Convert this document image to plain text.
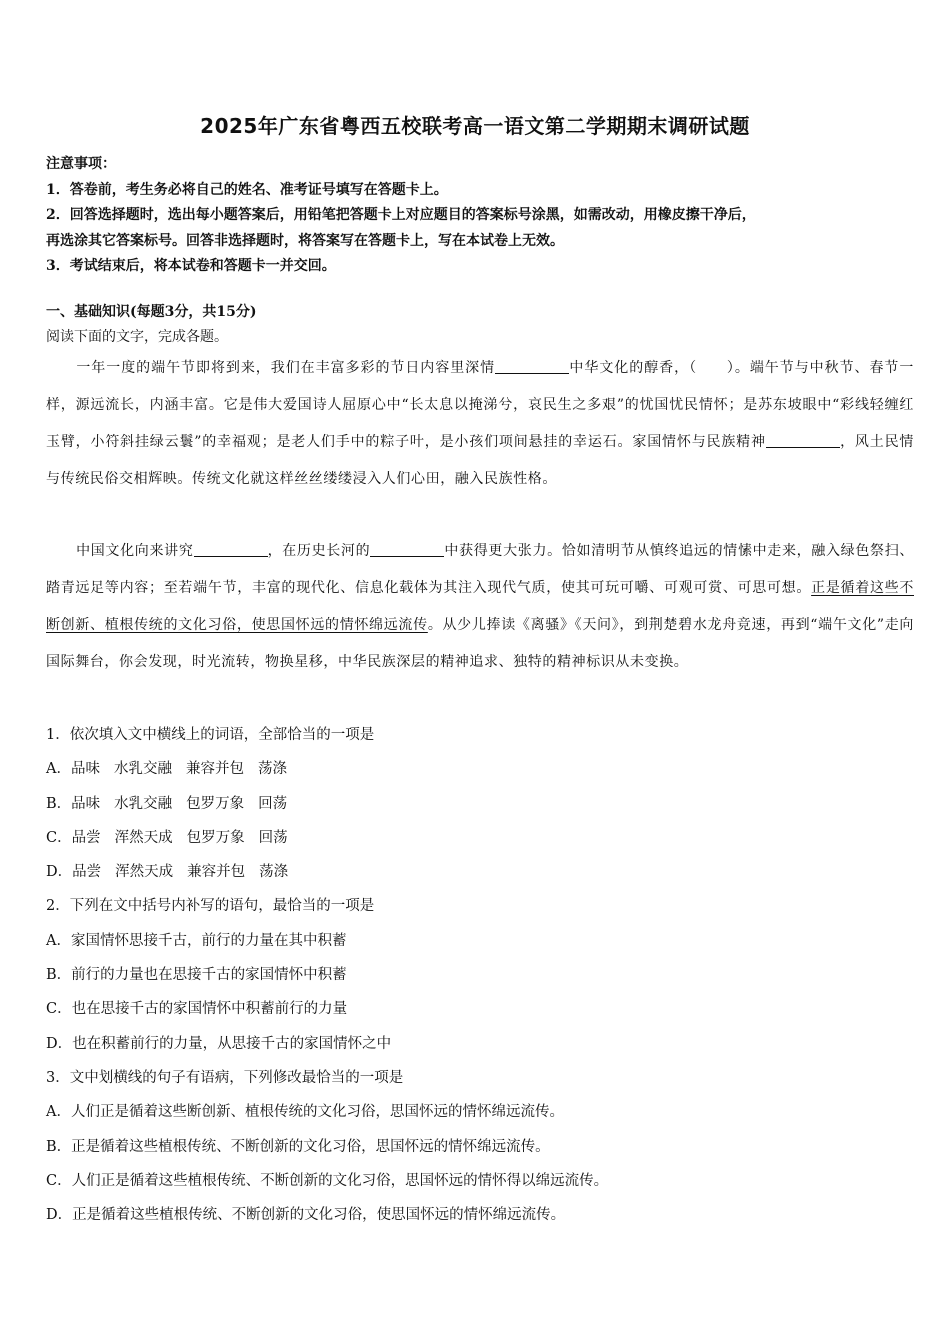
2025年广东省粤西五校联考高一语文第二学期期末调研试题
注意事项：
1．答卷前，考生务必将自己的姓名、准考证号填写在答题卡上。
2．回答选择题时，选出每小题答案后，用铅笔把答题卡上对应题目的答案标号涂黑，如需改动，用橡皮擦干净后，
再选涂其它答案标号。回答非选择题时，将答案写在答题卡上，写在本试卷上无效。
3．考试结束后，将本试卷和答题卡一并交回。
一、基础知识(每题3分，共15分)
阅读下面的文字，完成各题。
一年一度的端午节即将到来，我们在丰富多彩的节日内容里深情	中华文化的醇香，（　　）。端午节与中秋节、春节一样，源远流长，内涵丰富。它是伟大爱国诗人屈原心中“长太息以掩涕兮，哀民生之多艰”的忧国忧民情怀；是苏东坡眼中“彩线轻缠红玉臂，小符斜挂绿云鬟”的幸福观；是老人们手中的粽子叶，是小孩们项间悬挂的幸运石。家国情怀与民族精神	，风土民情与传统民俗交相辉映。传统文化就这样丝丝缕缕浸入人们心田，融入民族性格。
中国文化向来讲究	，在历史长河的	中获得更大张力。恰如清明节从慎终追远的情愫中走来，融入绿色祭扫、踏青远足等内容；至若端午节，丰富的现代化、信息化载体为其注入现代气质，使其可玩可嚼、可观可赏、可思可想。正是循着这些不断创新、植根传统的文化习俗，使思国怀远的情怀绵远流传。从少儿捧读《离骚》《天问》，到荆楚碧水龙舟竞速，再到“端午文化”走向国际舞台，你会发现，时光流转，物换星移，中华民族深层的精神追求、独特的精神标识从未变换。
1．依次填入文中横线上的词语，全部恰当的一项是
A．品味 水乳交融 兼容并包 荡涤
B．品味 水乳交融 包罗万象 回荡
C．品尝 浑然天成 包罗万象 回荡
D．品尝 浑然天成 兼容并包 荡涤
2．下列在文中括号内补写的语句，最恰当的一项是
A．家国情怀思接千古，前行的力量在其中积蓄
B．前行的力量也在思接千古的家国情怀中积蓄
C．也在思接千古的家国情怀中积蓄前行的力量
D．也在积蓄前行的力量，从思接千古的家国情怀之中
3．文中划横线的句子有语病，下列修改最恰当的一项是
A．人们正是循着这些断创新、植根传统的文化习俗，思国怀远的情怀绵远流传。
B．正是循着这些植根传统、不断创新的文化习俗，思国怀远的情怀绵远流传。
C．人们正是循着这些植根传统、不断创新的文化习俗，思国怀远的情怀得以绵远流传。
D．正是循着这些植根传统、不断创新的文化习俗，使思国怀远的情怀绵远流传。
